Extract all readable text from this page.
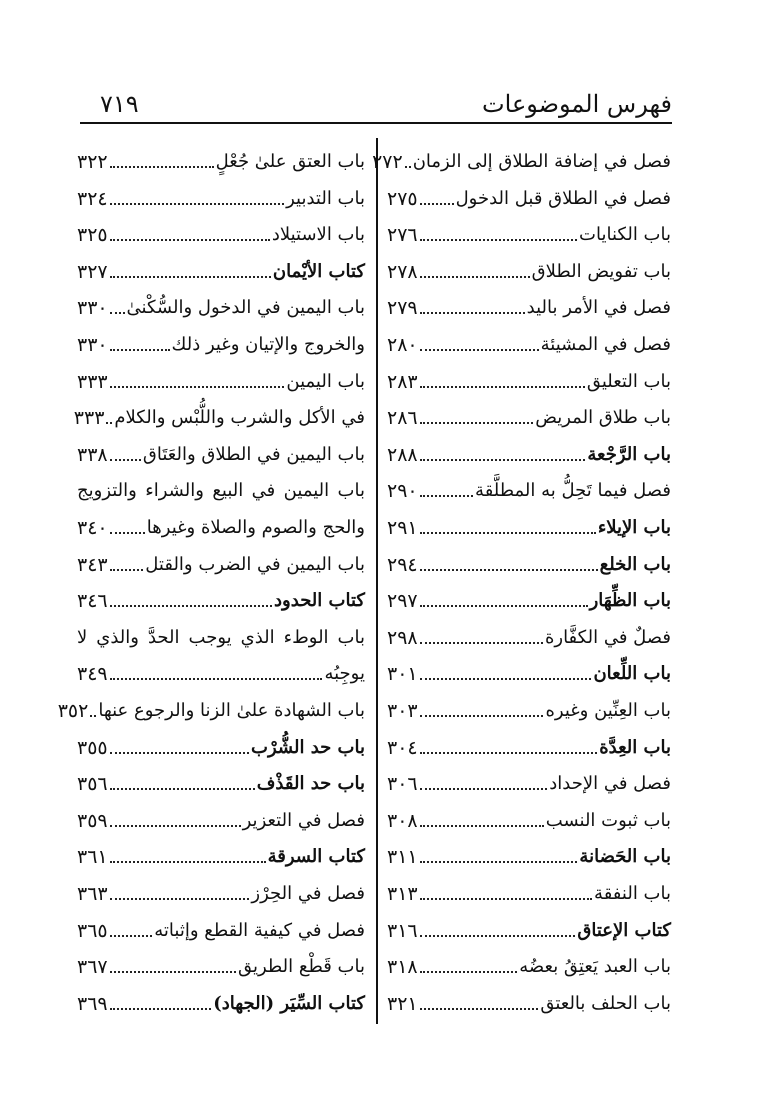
فهرس الموضوعات
٧١٩
فصل في إضافة الطلاق إلى الزمان
٢٧٢
فصل في الطلاق قبل الدخول
٢٧٥
باب الكنايات
٢٧٦
باب تفويض الطلاق
٢٧٨
فصل في الأمر باليد
٢٧٩
فصل في المشيئة
٢٨٠
باب التعليق
٢٨٣
باب طلاق المريض
٢٨٦
باب الرَّجْعة
٢٨٨
فصل فيما تَحِلُّ به المطلَّقة
٢٩٠
باب الإيلاء
٢٩١
باب الخلع
٢٩٤
باب الظِّهَار
٢٩٧
فصلٌ في الكفَّارة
٢٩٨
باب اللِّعان
٣٠١
باب العِنِّين وغيره
٣٠٣
باب العِدَّة
٣٠٤
فصل في الإحداد
٣٠٦
باب ثبوت النسب
٣٠٨
باب الحَضانة
٣١١
باب النفقة
٣١٣
كتاب الإعتاق
٣١٦
باب العبد يَعتِقُ بعضُه
٣١٨
باب الحلف بالعتق
٣٢١
باب العتق علىٰ جُعْلٍ
٣٢٢
باب التدبير
٣٢٤
باب الاستيلاد
٣٢٥
كتاب الأيْمان
٣٢٧
باب اليمين في الدخول والسُّكْنىٰ
٣٣٠
والخروج والإتيان وغير ذلك
٣٣٠
باب اليمين
٣٣٣
في الأكل والشرب واللُّبْس والكلام
٣٣٣
باب اليمين في الطلاق والعَتَاق
٣٣٨
باب اليمين في البيع والشراء والتزويج
والحج والصوم والصلاة وغيرها
٣٤٠
باب اليمين في الضرب والقتل
٣٤٣
كتاب الحدود
٣٤٦
باب الوطء الذي يوجب الحدَّ والذي لا
يوجِبُه
٣٤٩
باب الشهادة علىٰ الزنا والرجوع عنها
٣٥٢
باب حد الشُّرْب
٣٥٥
باب حد القَذْف
٣٥٦
فصل في التعزير
٣٥٩
كتاب السرقة
٣٦١
فصل في الحِرْز
٣٦٣
فصل في كيفية القطع وإثباته
٣٦٥
باب قَطْع الطريق
٣٦٧
كتاب السِّيَر (الجهاد)
٣٦٩
